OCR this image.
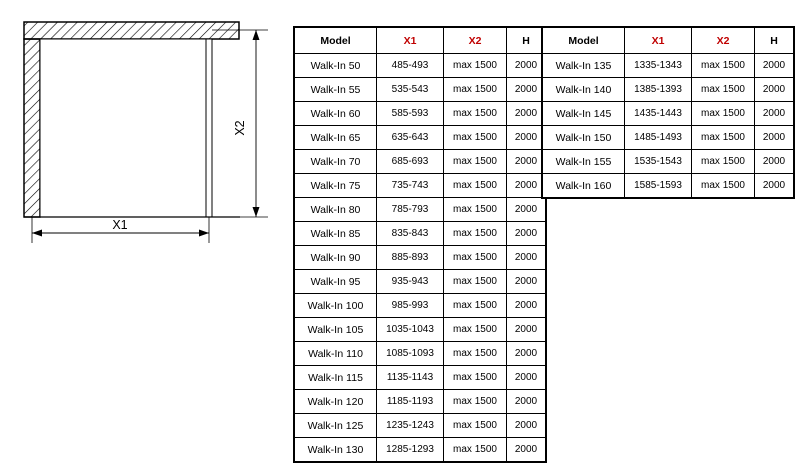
X2
X1
Model	X1	X2	H
Walk-In 50	485-493	max 1500	2000
Walk-In 55	535-543	max 1500	2000
Walk-In 60	585-593	max 1500	2000
Walk-In 65	635-643	max 1500	2000
Walk-In 70	685-693	max 1500	2000
Walk-In 75	735-743	max 1500	2000
Walk-In 80	785-793	max 1500	2000
Walk-In 85	835-843	max 1500	2000
Walk-In 90	885-893	max 1500	2000
Walk-In 95	935-943	max 1500	2000
Walk-In 100	985-993	max 1500	2000
Walk-In 105	1035-1043	max 1500	2000
Walk-In 110	1085-1093	max 1500	2000
Walk-In 115	1135-1143	max 1500	2000
Walk-In 120	1185-1193	max 1500	2000
Walk-In 125	1235-1243	max 1500	2000
Walk-In 130	1285-1293	max 1500	2000
Model	X1	X2	H
Walk-In 135	1335-1343	max 1500	2000
Walk-In 140	1385-1393	max 1500	2000
Walk-In 145	1435-1443	max 1500	2000
Walk-In 150	1485-1493	max 1500	2000
Walk-In 155	1535-1543	max 1500	2000
Walk-In 160	1585-1593	max 1500	2000
